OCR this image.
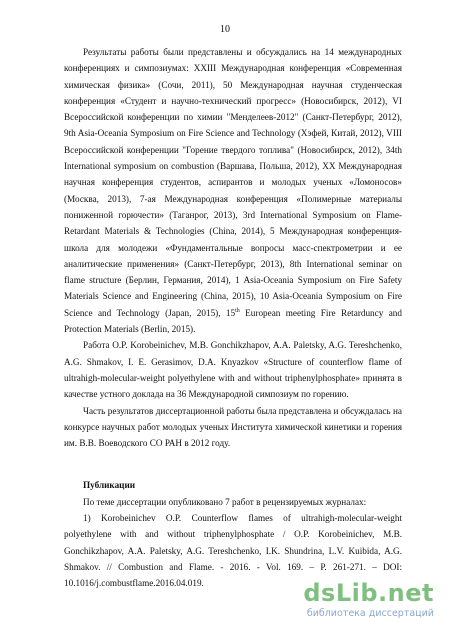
10

Результаты работы были представлены и обсуждались на 14 международных конференциях и симпозиумах: XXIII Международная конференция «Современная химическая физика» (Сочи, 2011), 50 Международная научная студенческая конференция «Студент и научно-технический прогресс» (Новосибирск, 2012), VI Всероссийской конференции по химии "Менделеев-2012" (Санкт-Петербург, 2012), 9th Asia-Oceania Symposium on Fire Science and Technology (Хэфей, Китай, 2012), VIII Всероссийской конференции "Горение твердого топлива" (Новосибирск, 2012), 34th International symposium on combustion (Варшава, Польша, 2012), XX Международная научная конференция студентов, аспирантов и молодых ученых «Ломоносов» (Москва, 2013), 7-ая Международная конференция «Полимерные материалы пониженной горючести» (Таганрог, 2013), 3rd International Symposium on Flame-Retardant Materials & Technologies (China, 2014), 5 Международная конференция-школа для молодежи «Фундаментальные вопросы масс-спектрометрии и ее аналитические применения» (Санкт-Петербург, 2013), 8th International seminar on flame structure (Берлин, Германия, 2014), 1 Asia-Oceania Symposium on Fire Safety Materials Science and Engineering (China, 2015), 10 Asia-Oceania Symposium on Fire Science and Technology (Japan, 2015), 15th European meeting Fire Retarduncy and Protection Materials (Berlin, 2015).

Работа О.P. Korobeinichev, M.B. Gonchikzhapov, A.A. Paletsky, A.G. Tereshchenko, A.G. Shmakov, I. E. Gerasimov, D.A. Knyazkov «Structure of counterflow flame of ultrahigh-molecular-weight polyethylene with and without triphenylphosphate» принята в качестве устного доклада на 36 Международной симпозиум по горению.

Часть результатов диссертационной работы была представлена и обсуждалась на конкурсе научных работ молодых ученых Института химической кинетики и горения им. В.В. Воеводского СО РАН в 2012 году.

Публикации

По теме диссертации опубликовано 7 работ в рецензируемых журналах:

1) Korobeinichev O.P. Counterflow flames of ultrahigh-molecular-weight polyethylene with and without triphenylphosphate / O.P. Korobeinichev, M.B. Gonchikzhapov, A.A. Paletsky, A.G. Tereshchenko, I.K. Shundrina, L.V. Kuibida, A.G. Shmakov. // Combustion and Flame. - 2016. - Vol. 169. – P. 261-271. – DOI: 10.1016/j.combustflame.2016.04.019.	dsLib.net
библиотека диссертаций
